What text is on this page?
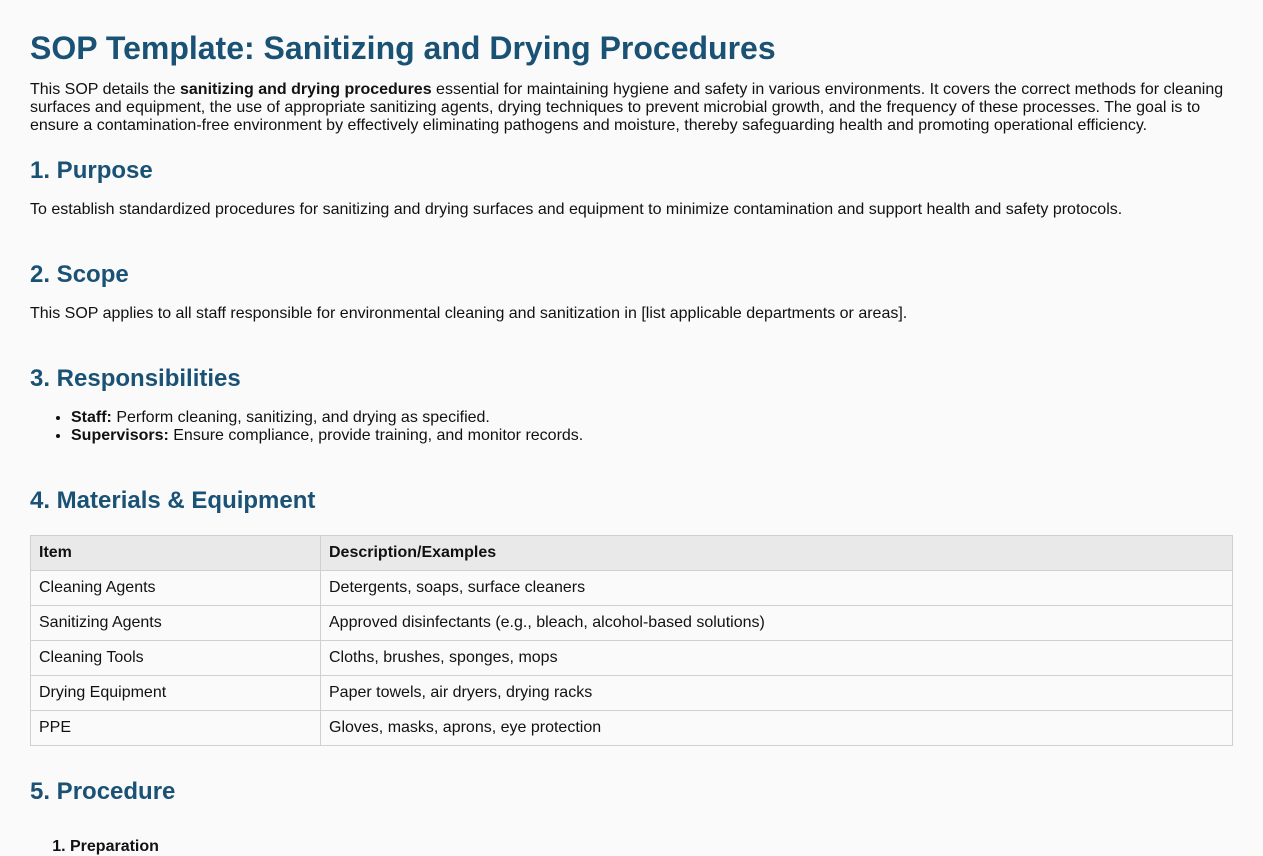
SOP Template: Sanitizing and Drying Procedures

This SOP details the sanitizing and drying procedures essential for maintaining hygiene and safety in various environments. It covers the correct methods for cleaning surfaces and equipment, the use of appropriate sanitizing agents, drying techniques to prevent microbial growth, and the frequency of these processes. The goal is to ensure a contamination-free environment by effectively eliminating pathogens and moisture, thereby safeguarding health and promoting operational efficiency.

1. Purpose

To establish standardized procedures for sanitizing and drying surfaces and equipment to minimize contamination and support health and safety protocols.

2. Scope

This SOP applies to all staff responsible for environmental cleaning and sanitization in [list applicable departments or areas].

3. Responsibilities
• Staff: Perform cleaning, sanitizing, and drying as specified.
• Supervisors: Ensure compliance, provide training, and monitor records.
4. Materials & Equipment
Item	Description/Examples
Cleaning Agents	Detergents, soaps, surface cleaners
Sanitizing Agents	Approved disinfectants (e.g., bleach, alcohol-based solutions)
Cleaning Tools	Cloths, brushes, sponges, mops
Drying Equipment	Paper towels, air dryers, drying racks
PPE	Gloves, masks, aprons, eye protection
5. Procedure
1. Preparation
